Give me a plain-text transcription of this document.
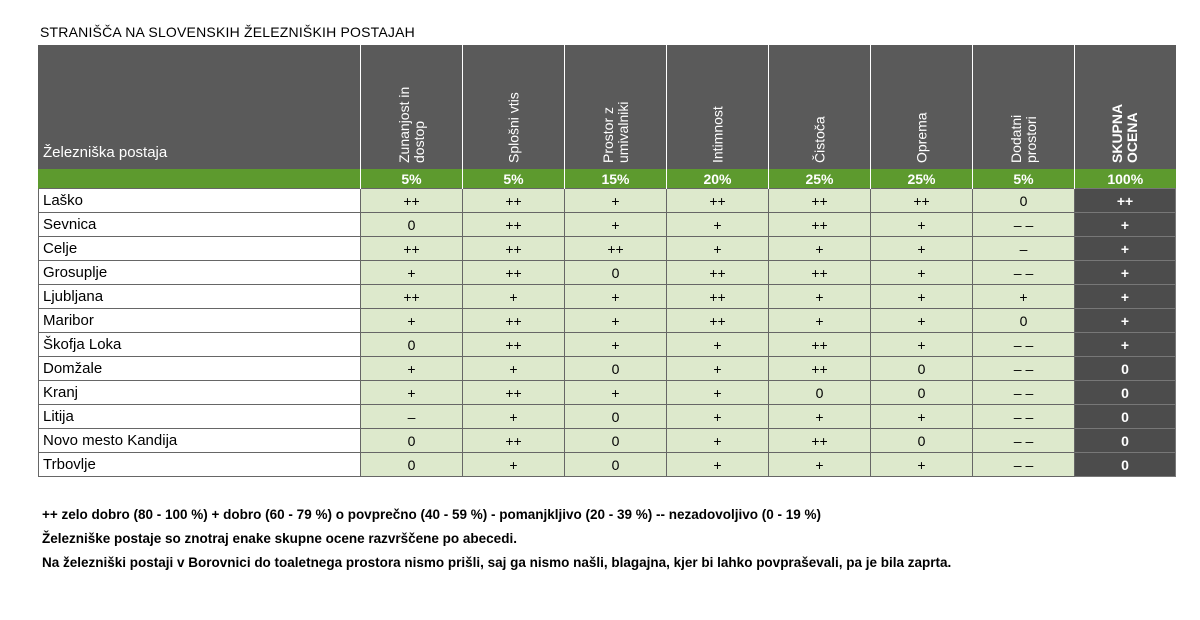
STRANIŠČA NA SLOVENSKIH ŽELEZNIŠKIH POSTAJAH
Železniška postaja	Zunanjost in dostop	Splošni vtis	Prostor z umivalniki	Intimnost	Čistoča	Oprema	Dodatni prostori	SKUPNA OCENA

	5%	5%	15%	20%	25%	25%	5%	100%
Laško	++	++	+	++	++	++	0	++
Sevnica	0	++	+	+	++	+	– –	+
Celje	++	++	++	+	+	+	–	+
Grosuplje	+	++	0	++	++	+	– –	+
Ljubljana	++	+	+	++	+	+	+	+
Maribor	+	++	+	++	+	+	0	+
Škofja Loka	0	++	+	+	++	+	– –	+
Domžale	+	+	0	+	++	0	– –	0
Kranj	+	++	+	+	0	0	– –	0
Litija	–	+	0	+	+	+	– –	0
Novo mesto Kandija	0	++	0	+	++	0	– –	0
Trbovlje	0	+	0	+	+	+	– –	0

++ zelo dobro (80 - 100 %) + dobro (60 - 79 %) o povprečno (40 - 59 %) - pomanjkljivo (20 - 39 %) -- nezadovoljivo (0 - 19 %)

Železniške postaje so znotraj enake skupne ocene razvrščene po abecedi.

Na železniški postaji v Borovnici do toaletnega prostora nismo prišli, saj ga nismo našli, blagajna, kjer bi lahko povpraševali, pa je bila zaprta.
